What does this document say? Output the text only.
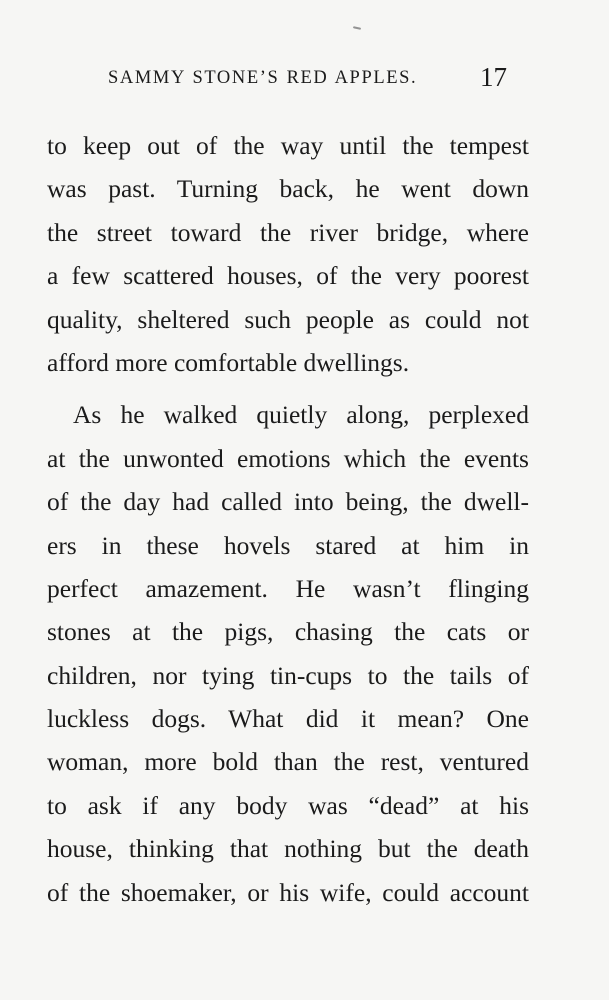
SAMMY STONE’S RED APPLES. 17
to keep out of the way until the tempest
was past. Turning back, he went down
the street toward the river bridge, where
a few scattered houses, of the very poorest
quality, sheltered such people as could not
afford more comfortable dwellings.
As he walked quietly along, perplexed
at the unwonted emotions which the events
of the day had called into being, the dwell-
ers in these hovels stared at him in
perfect amazement. He wasn’t flinging
stones at the pigs, chasing the cats or
children, nor tying tin-cups to the tails of
luckless dogs. What did it mean? One
woman, more bold than the rest, ventured
to ask if any body was “dead” at his
house, thinking that nothing but the death
of the shoemaker, or his wife, could account
